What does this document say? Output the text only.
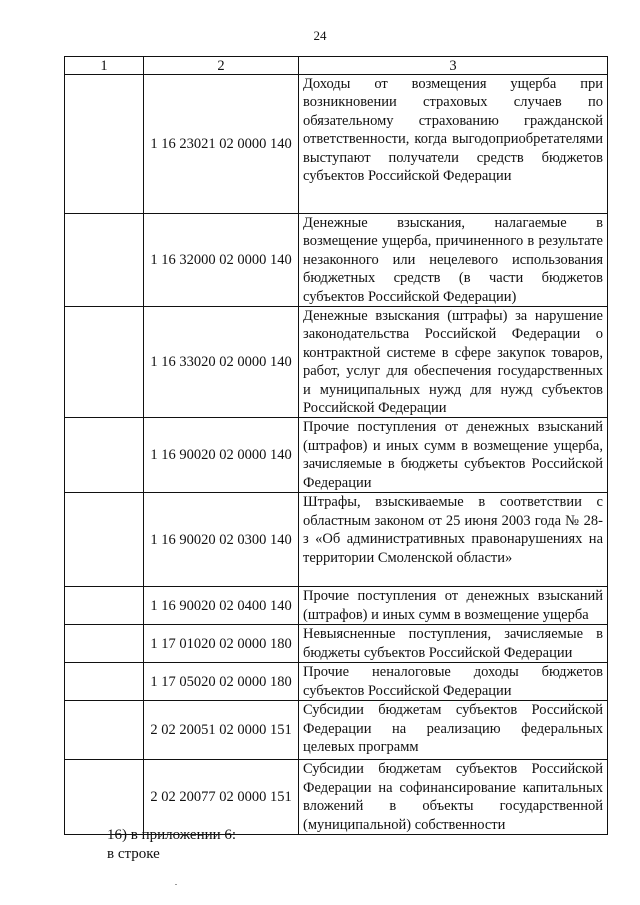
24
1	2	3
	1 16 23021 02 0000 140	Доходы от возмещения ущерба при возникновении страховых случаев по обязательному страхованию гражданской ответственности, когда выгодоприобретателями выступают получатели средств бюджетов субъектов Российской Федерации
	1 16 32000 02 0000 140	Денежные взыскания, налагаемые в возмещение ущерба, причиненного в результате незаконного или нецелевого использования бюджетных средств (в части бюджетов субъектов Российской Федерации)
	1 16 33020 02 0000 140	Денежные взыскания (штрафы) за нарушение законодательства Российской Федерации о контрактной системе в сфере закупок товаров, работ, услуг для обеспечения государственных и муниципальных нужд для нужд субъектов Российской Федерации
	1 16 90020 02 0000 140	Прочие поступления от денежных взысканий (штрафов) и иных сумм в возмещение ущерба, зачисляемые в бюджеты субъектов Российской Федерации
	1 16 90020 02 0300 140	Штрафы, взыскиваемые в соответствии с областным законом от 25 июня 2003 года № 28-з «Об административных правонарушениях на территории Смоленской области»
	1 16 90020 02 0400 140	Прочие поступления от денежных взысканий (штрафов) и иных сумм в возмещение ущерба
	1 17 01020 02 0000 180	Невыясненные поступления, зачисляемые в бюджеты субъектов Российской Федерации
	1 17 05020 02 0000 180	Прочие неналоговые доходы бюджетов субъектов Российской Федерации
	2 02 20051 02 0000 151	Субсидии бюджетам субъектов Российской Федерации на реализацию федеральных целевых программ
	2 02 20077 02 0000 151	Субсидии бюджетам субъектов Российской Федерации на софинансирование капитальных вложений в объекты государственной (муниципальной) собственности
16) в приложении 6:
в строке
